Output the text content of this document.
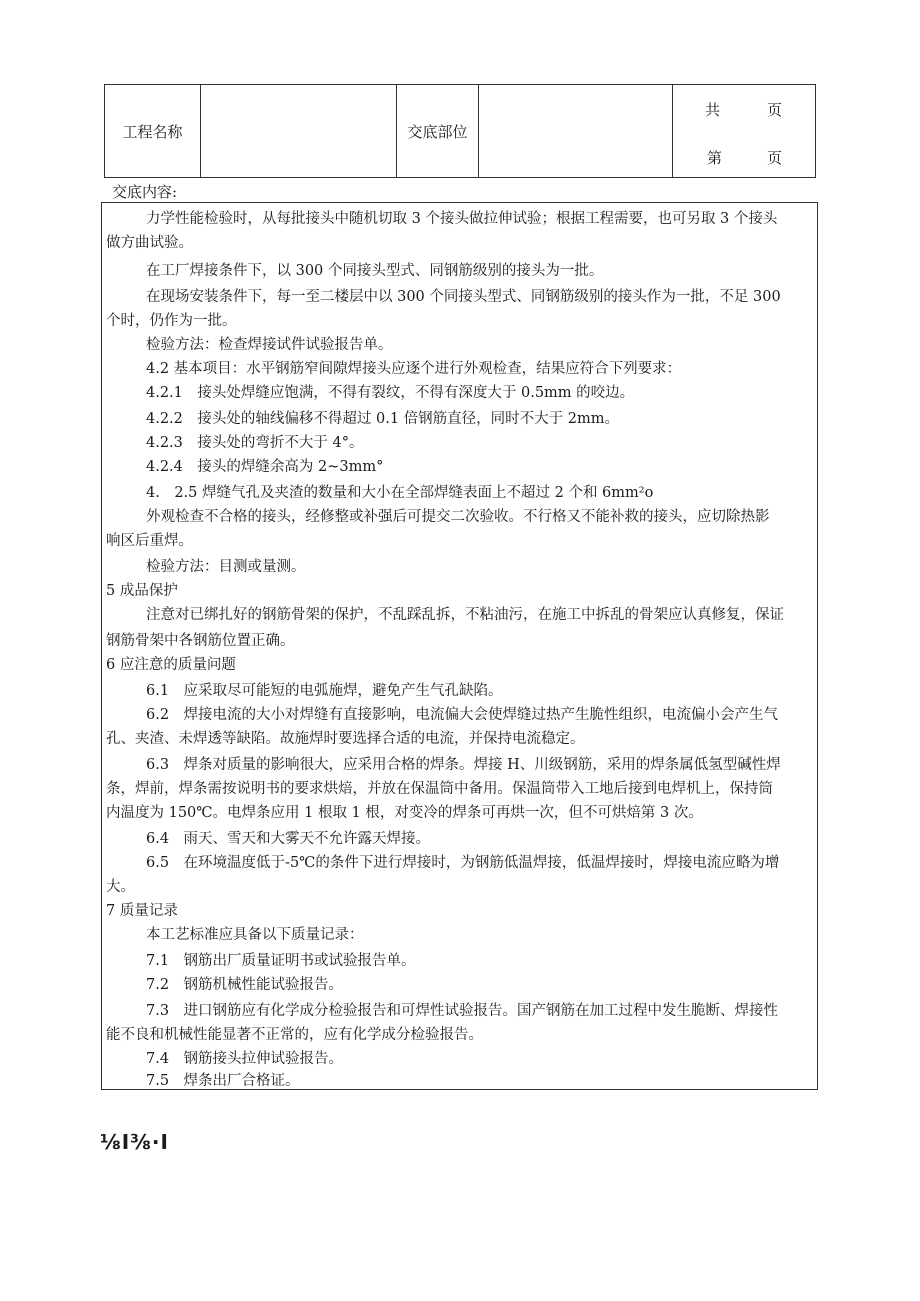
工程名称	交底部位
共	页
第	页
交底内容:
力学性能检验时，从每批接头中随机切取 3 个接头做拉伸试验；根据工程需要，也可另取 3 个接头
做方曲试验。
在工厂焊接条件下，以 300 个同接头型式、同钢筋级别的接头为一批。
在现场安装条件下，每一至二楼层中以 300 个同接头型式、同钢筋级别的接头作为一批，不足 300
个时，仍作为一批。
检验方法：检查焊接试件试验报告单。
4.2 基本项目：水平钢筋窄间隙焊接头应逐个进行外观检查，结果应符合下列要求：
4.2.1　接头处焊缝应饱满，不得有裂纹，不得有深度大于 0.5mm 的咬边。
4.2.2　接头处的轴线偏移不得超过 0.1 倍钢筋直径，同时不大于 2mm。
4.2.3　接头处的弯折不大于 4°。
4.2.4　接头的焊缝余高为 2~3mm°
4.　2.5 焊缝气孔及夹渣的数量和大小在全部焊缝表面上不超过 2 个和 6mm²o
外观检查不合格的接头，经修整或补强后可提交二次验收。不行格又不能补救的接头，应切除热影
响区后重焊。
检验方法：目测或量测。
5 成品保护
注意对已绑扎好的钢筋骨架的保护，不乱踩乱拆，不粘油污，在施工中拆乱的骨架应认真修复，保证
钢筋骨架中各钢筋位置正确。
6 应注意的质量问题
6.1　应采取尽可能短的电弧施焊，避免产生气孔缺陷。
6.2　焊接电流的大小对焊缝有直接影响，电流偏大会使焊缝过热产生脆性组织，电流偏小会产生气
孔、夹渣、未焊透等缺陷。故施焊时要选择合适的电流，并保持电流稳定。
6.3　焊条对质量的影响很大，应采用合格的焊条。焊接 H、川级钢筋，采用的焊条属低氢型碱性焊
条，焊前，焊条需按说明书的要求烘焙，并放在保温筒中备用。保温筒带入工地后接到电焊机上，保持筒
内温度为 150℃。电焊条应用 1 根取 1 根，对变冷的焊条可再烘一次，但不可烘焙第 3 次。
6.4　雨天、雪天和大雾天不允许露天焊接。
6.5　在环境温度低于-5℃的条件下进行焊接时，为钢筋低温焊接，低温焊接时，焊接电流应略为增
大。
7 质量记录
本工艺标准应具备以下质量记录：
7.1　钢筋出厂质量证明书或试验报告单。
7.2　钢筋机械性能试验报告。
7.3　进口钢筋应有化学成分检验报告和可焊性试验报告。国产钢筋在加工过程中发生脆断、焊接性
能不良和机械性能显著不正常的，应有化学成分检验报告。
7.4　钢筋接头拉伸试验报告。
7.5　焊条出厂合格证。
⅛Ι⅜·Ι
